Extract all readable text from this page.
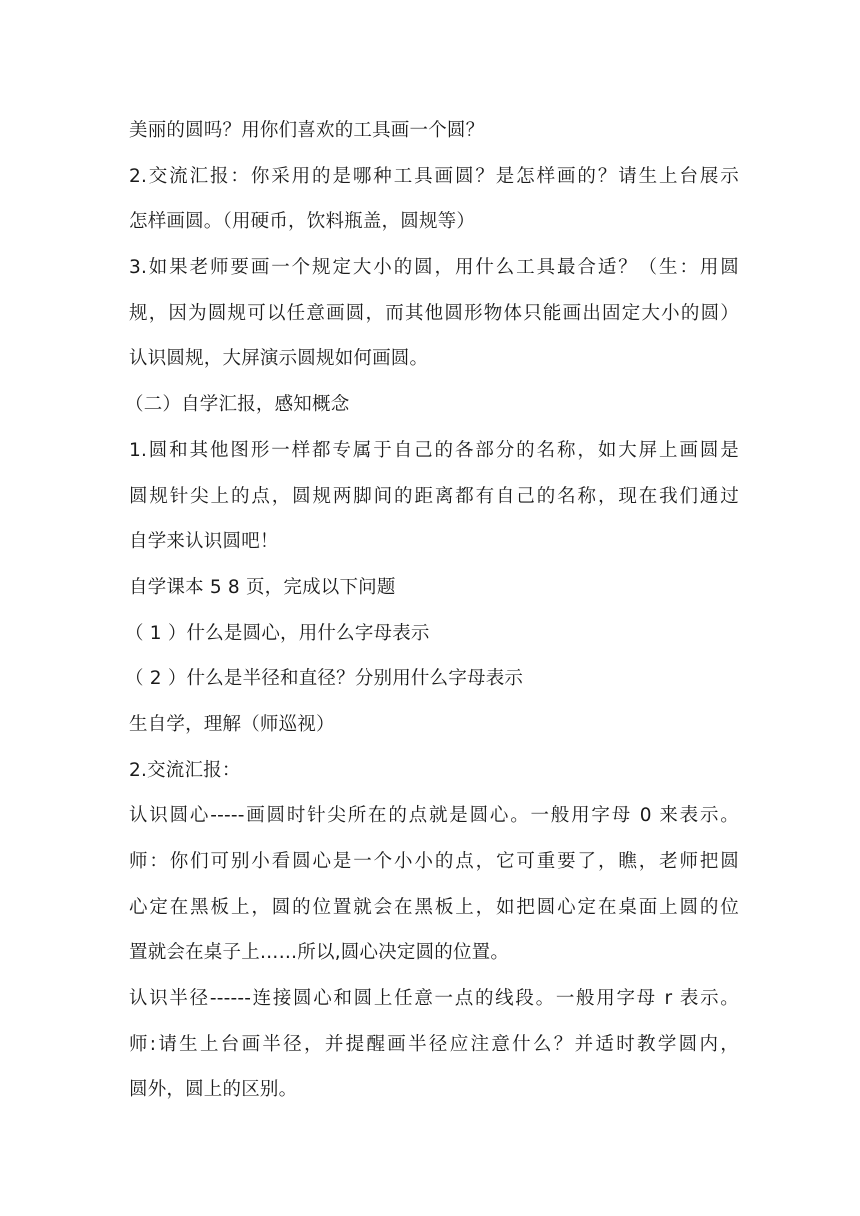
美丽的圆吗？用你们喜欢的工具画一个圆？
2.交流汇报：你采用的是哪种工具画圆？是怎样画的？请生上台展示
怎样画圆。（用硬币，饮料瓶盖，圆规等）
3.如果老师要画一个规定大小的圆，用什么工具最合适？（生：用圆
规，因为圆规可以任意画圆，而其他圆形物体只能画出固定大小的圆）
认识圆规，大屏演示圆规如何画圆。
（二）自学汇报，感知概念
1.圆和其他图形一样都专属于自己的各部分的名称，如大屏上画圆是
圆规针尖上的点，圆规两脚间的距离都有自己的名称，现在我们通过
自学来认识圆吧！
自学课本 5 8 页，完成以下问题
（ 1 ）什么是圆心，用什么字母表示
（ 2 ）什么是半径和直径？分别用什么字母表示
生自学，理解（师巡视）
2.交流汇报：
认识圆心-----画圆时针尖所在的点就是圆心。一般用字母 0 来表示。
师：你们可别小看圆心是一个小小的点，它可重要了，瞧，老师把圆
心定在黑板上，圆的位置就会在黑板上，如把圆心定在桌面上圆的位
置就会在桌子上……所以,圆心决定圆的位置。
认识半径------连接圆心和圆上任意一点的线段。一般用字母 r 表示。
师:请生上台画半径，并提醒画半径应注意什么？并适时教学圆内，
圆外，圆上的区别。
